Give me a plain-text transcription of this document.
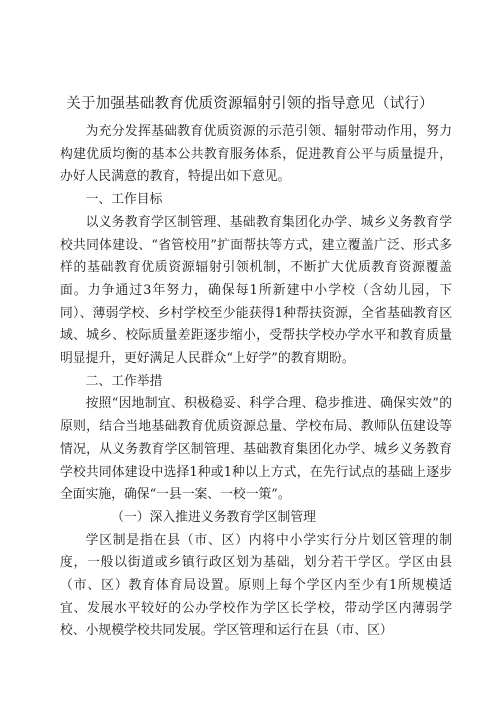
关于加强基础教育优质资源辐射引领的指导意见（试行）

为充分发挥基础教育优质资源的示范引领、辐射带动作用，努力构建优质均衡的基本公共教育服务体系，促进教育公平与质量提升，办好人民满意的教育，特提出如下意见。

一、工作目标

以义务教育学区制管理、基础教育集团化办学、城乡义务教育学校共同体建设、“省管校用”扩面帮扶等方式，建立覆盖广泛、形式多样的基础教育优质资源辐射引领机制，不断扩大优质教育资源覆盖面。力争通过3年努力，确保每1所新建中小学校（含幼儿园，下同）、薄弱学校、乡村学校至少能获得1种帮扶资源，全省基础教育区域、城乡、校际质量差距逐步缩小，受帮扶学校办学水平和教育质量明显提升，更好满足人民群众“上好学”的教育期盼。

二、工作举措

按照“因地制宜、积极稳妥、科学合理、稳步推进、确保实效”的原则，结合当地基础教育优质资源总量、学校布局、教师队伍建设等情况，从义务教育学区制管理、基础教育集团化办学、城乡义务教育学校共同体建设中选择1种或1种以上方式，在先行试点的基础上逐步全面实施，确保“一县一案、一校一策”。

（一）深入推进义务教育学区制管理

学区制是指在县（市、区）内将中小学实行分片划区管理的制度，一般以街道或乡镇行政区划为基础，划分若干学区。学区由县（市、区）教育体育局设置。原则上每个学区内至少有1所规模适宜、发展水平较好的公办学校作为学区长学校，带动学区内薄弱学校、小规模学校共同发展。学区管理和运行在县（市、区）
